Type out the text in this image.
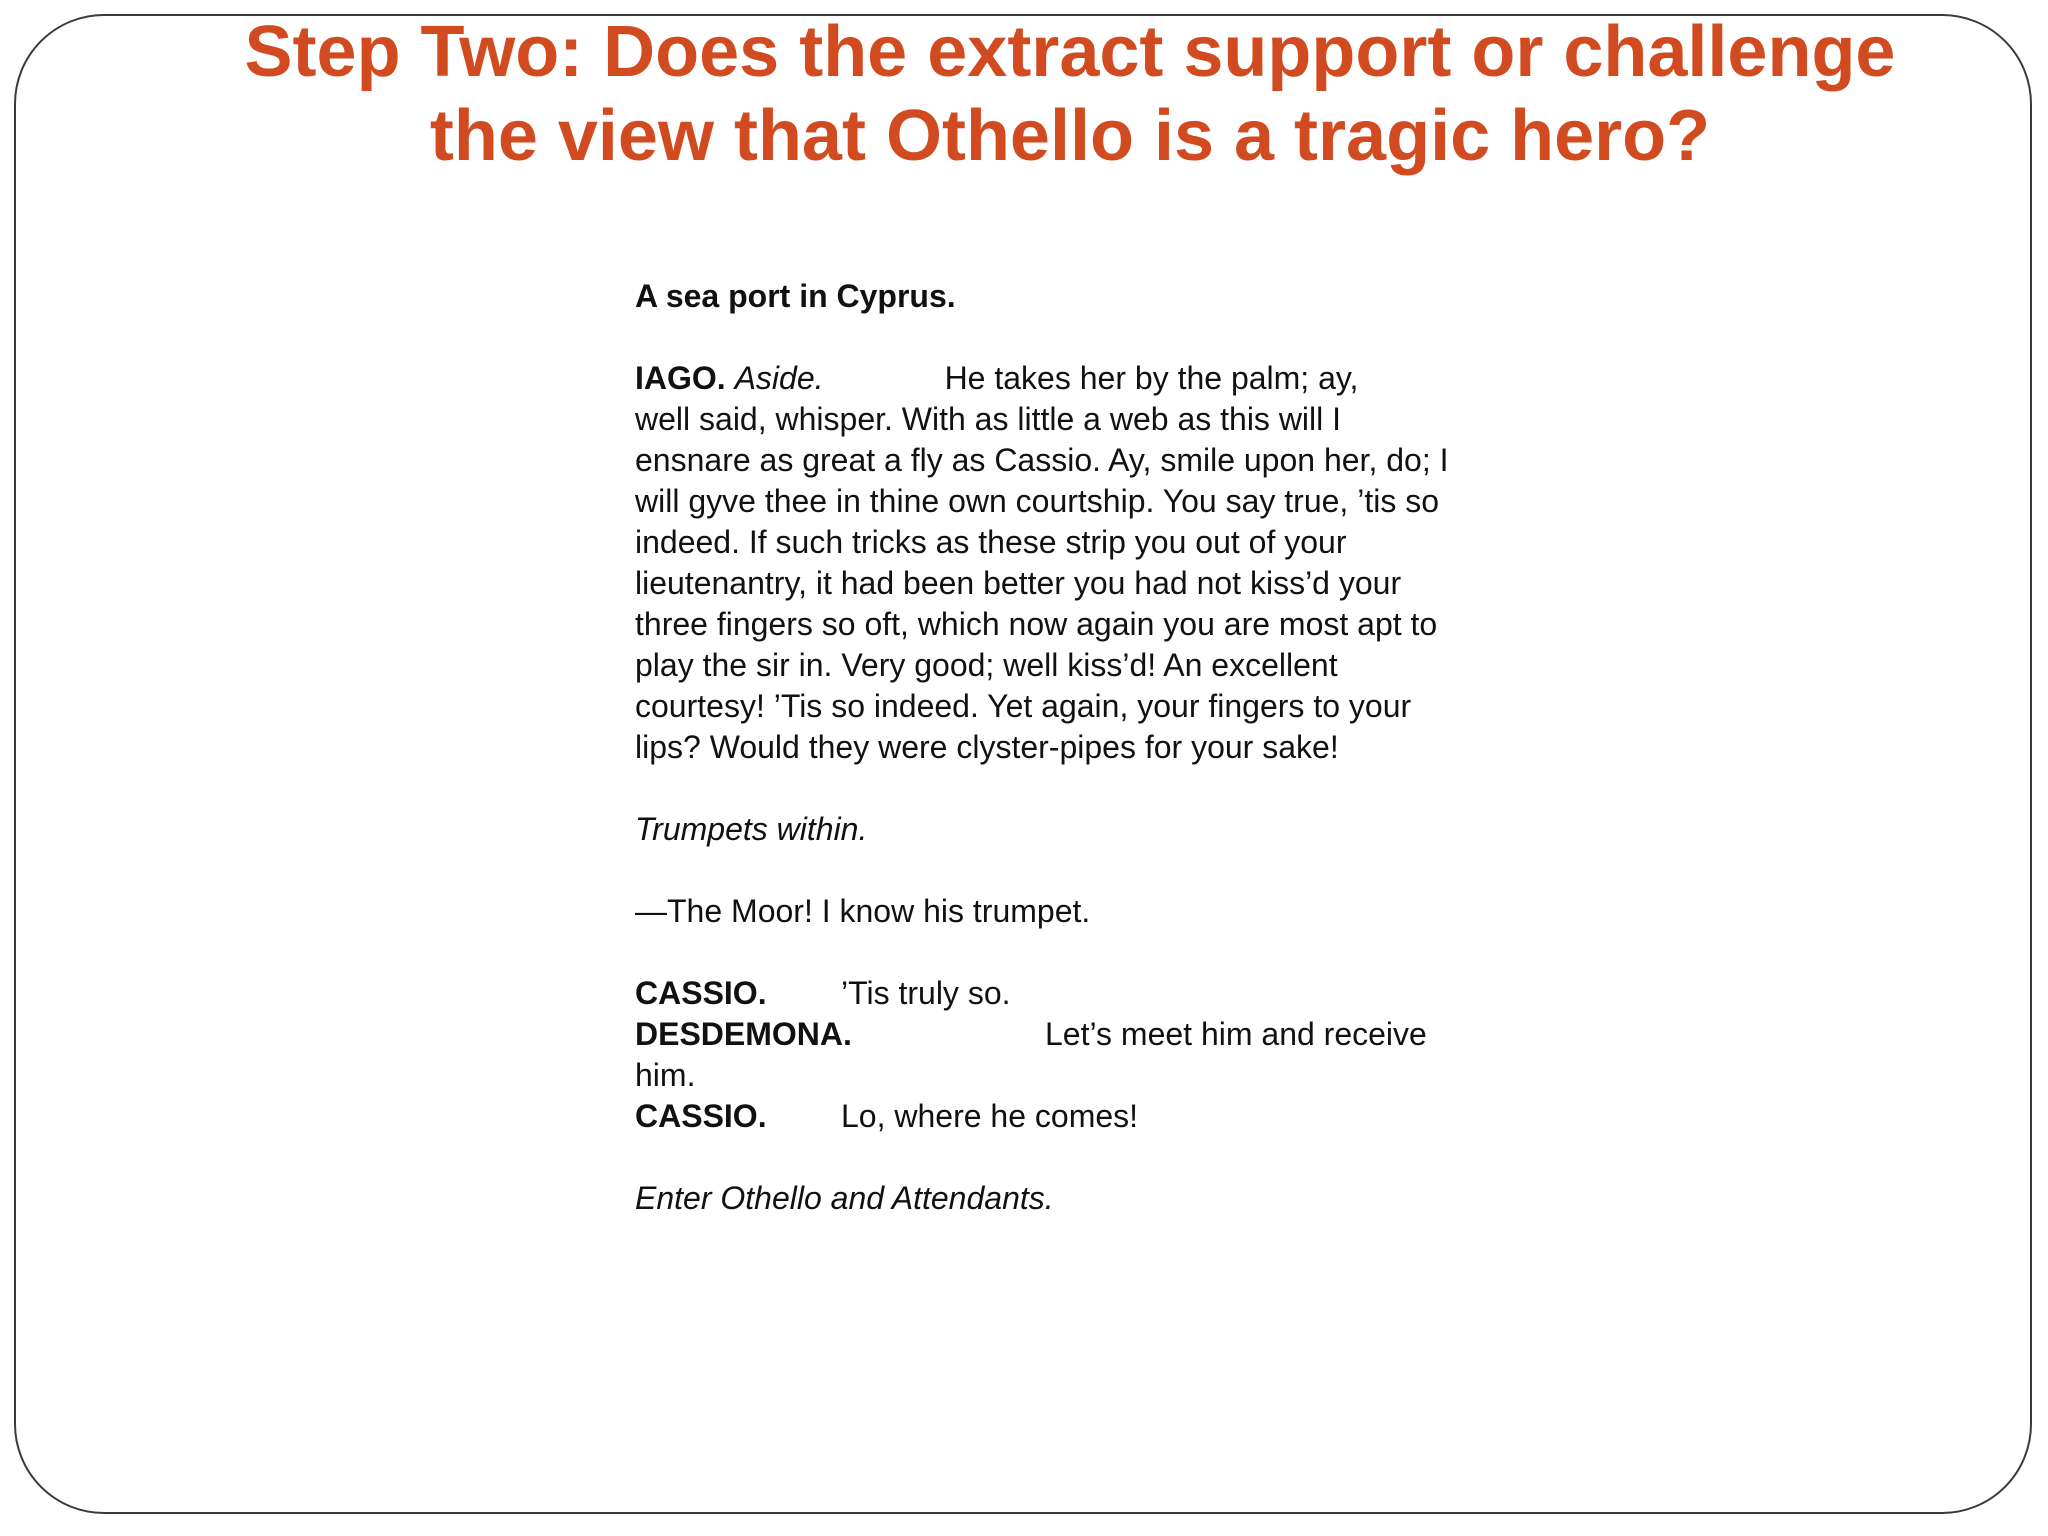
Step Two: Does the extract support or challenge
the view that Othello is a tragic hero?
A sea port in Cyprus.
IAGO. Aside.	He takes her by the palm; ay,
well said, whisper. With as little a web as this will I
ensnare as great a fly as Cassio. Ay, smile upon her, do; I
will gyve thee in thine own courtship. You say true, ’tis so
indeed. If such tricks as these strip you out of your
lieutenantry, it had been better you had not kiss’d your
three fingers so oft, which now again you are most apt to
play the sir in. Very good; well kiss’d! An excellent
courtesy! ’Tis so indeed. Yet again, your fingers to your
lips? Would they were clyster-pipes for your sake!
Trumpets within.
—The Moor! I know his trumpet.
CASSIO. ’Tis truly so.
DESDEMONA.	Let’s meet him and receive
him.
CASSIO. Lo, where he comes!
Enter Othello and Attendants.
